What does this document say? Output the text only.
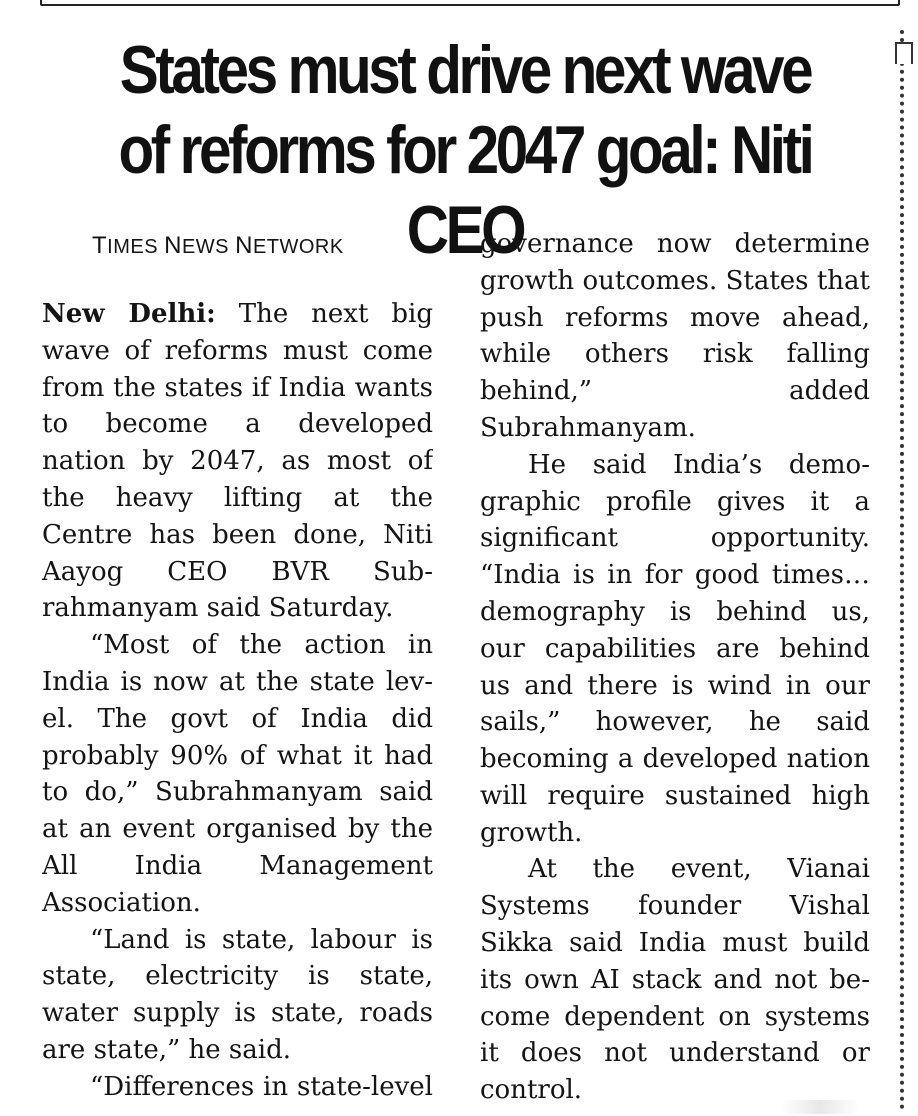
States must drive next wave of reforms for 2047 goal: Niti CEO
TIMES NEWS NETWORK

New Delhi: The next big wave of reforms must come from the states if India wants to become a developed nation by 2047, as most of the heavy lifting at the Centre has been done, Niti Aayog CEO BVR Subrahmanyam said Saturday.

“Most of the action in India is now at the state level. The govt of India did probably 90% of what it had to do,” Subrahmanyam said at an event organised by the All India Management Association.

“Land is state, labour is state, electricity is state, water supply is state, roads are state,” he said.

“Differences in state-level

governance now determine growth outcomes. States that push reforms move ahead, while others risk falling behind,” added Subrahmanyam.

He said India’s demographic profile gives it a significant opportunity. “India is in for good times… demography is behind us, our capabilities are behind us and there is wind in our sails,” however, he said becoming a developed nation will require sustained high growth.

At the event, Vianai Systems founder Vishal Sikka said India must build its own AI stack and not become dependent on systems it does not understand or control.
